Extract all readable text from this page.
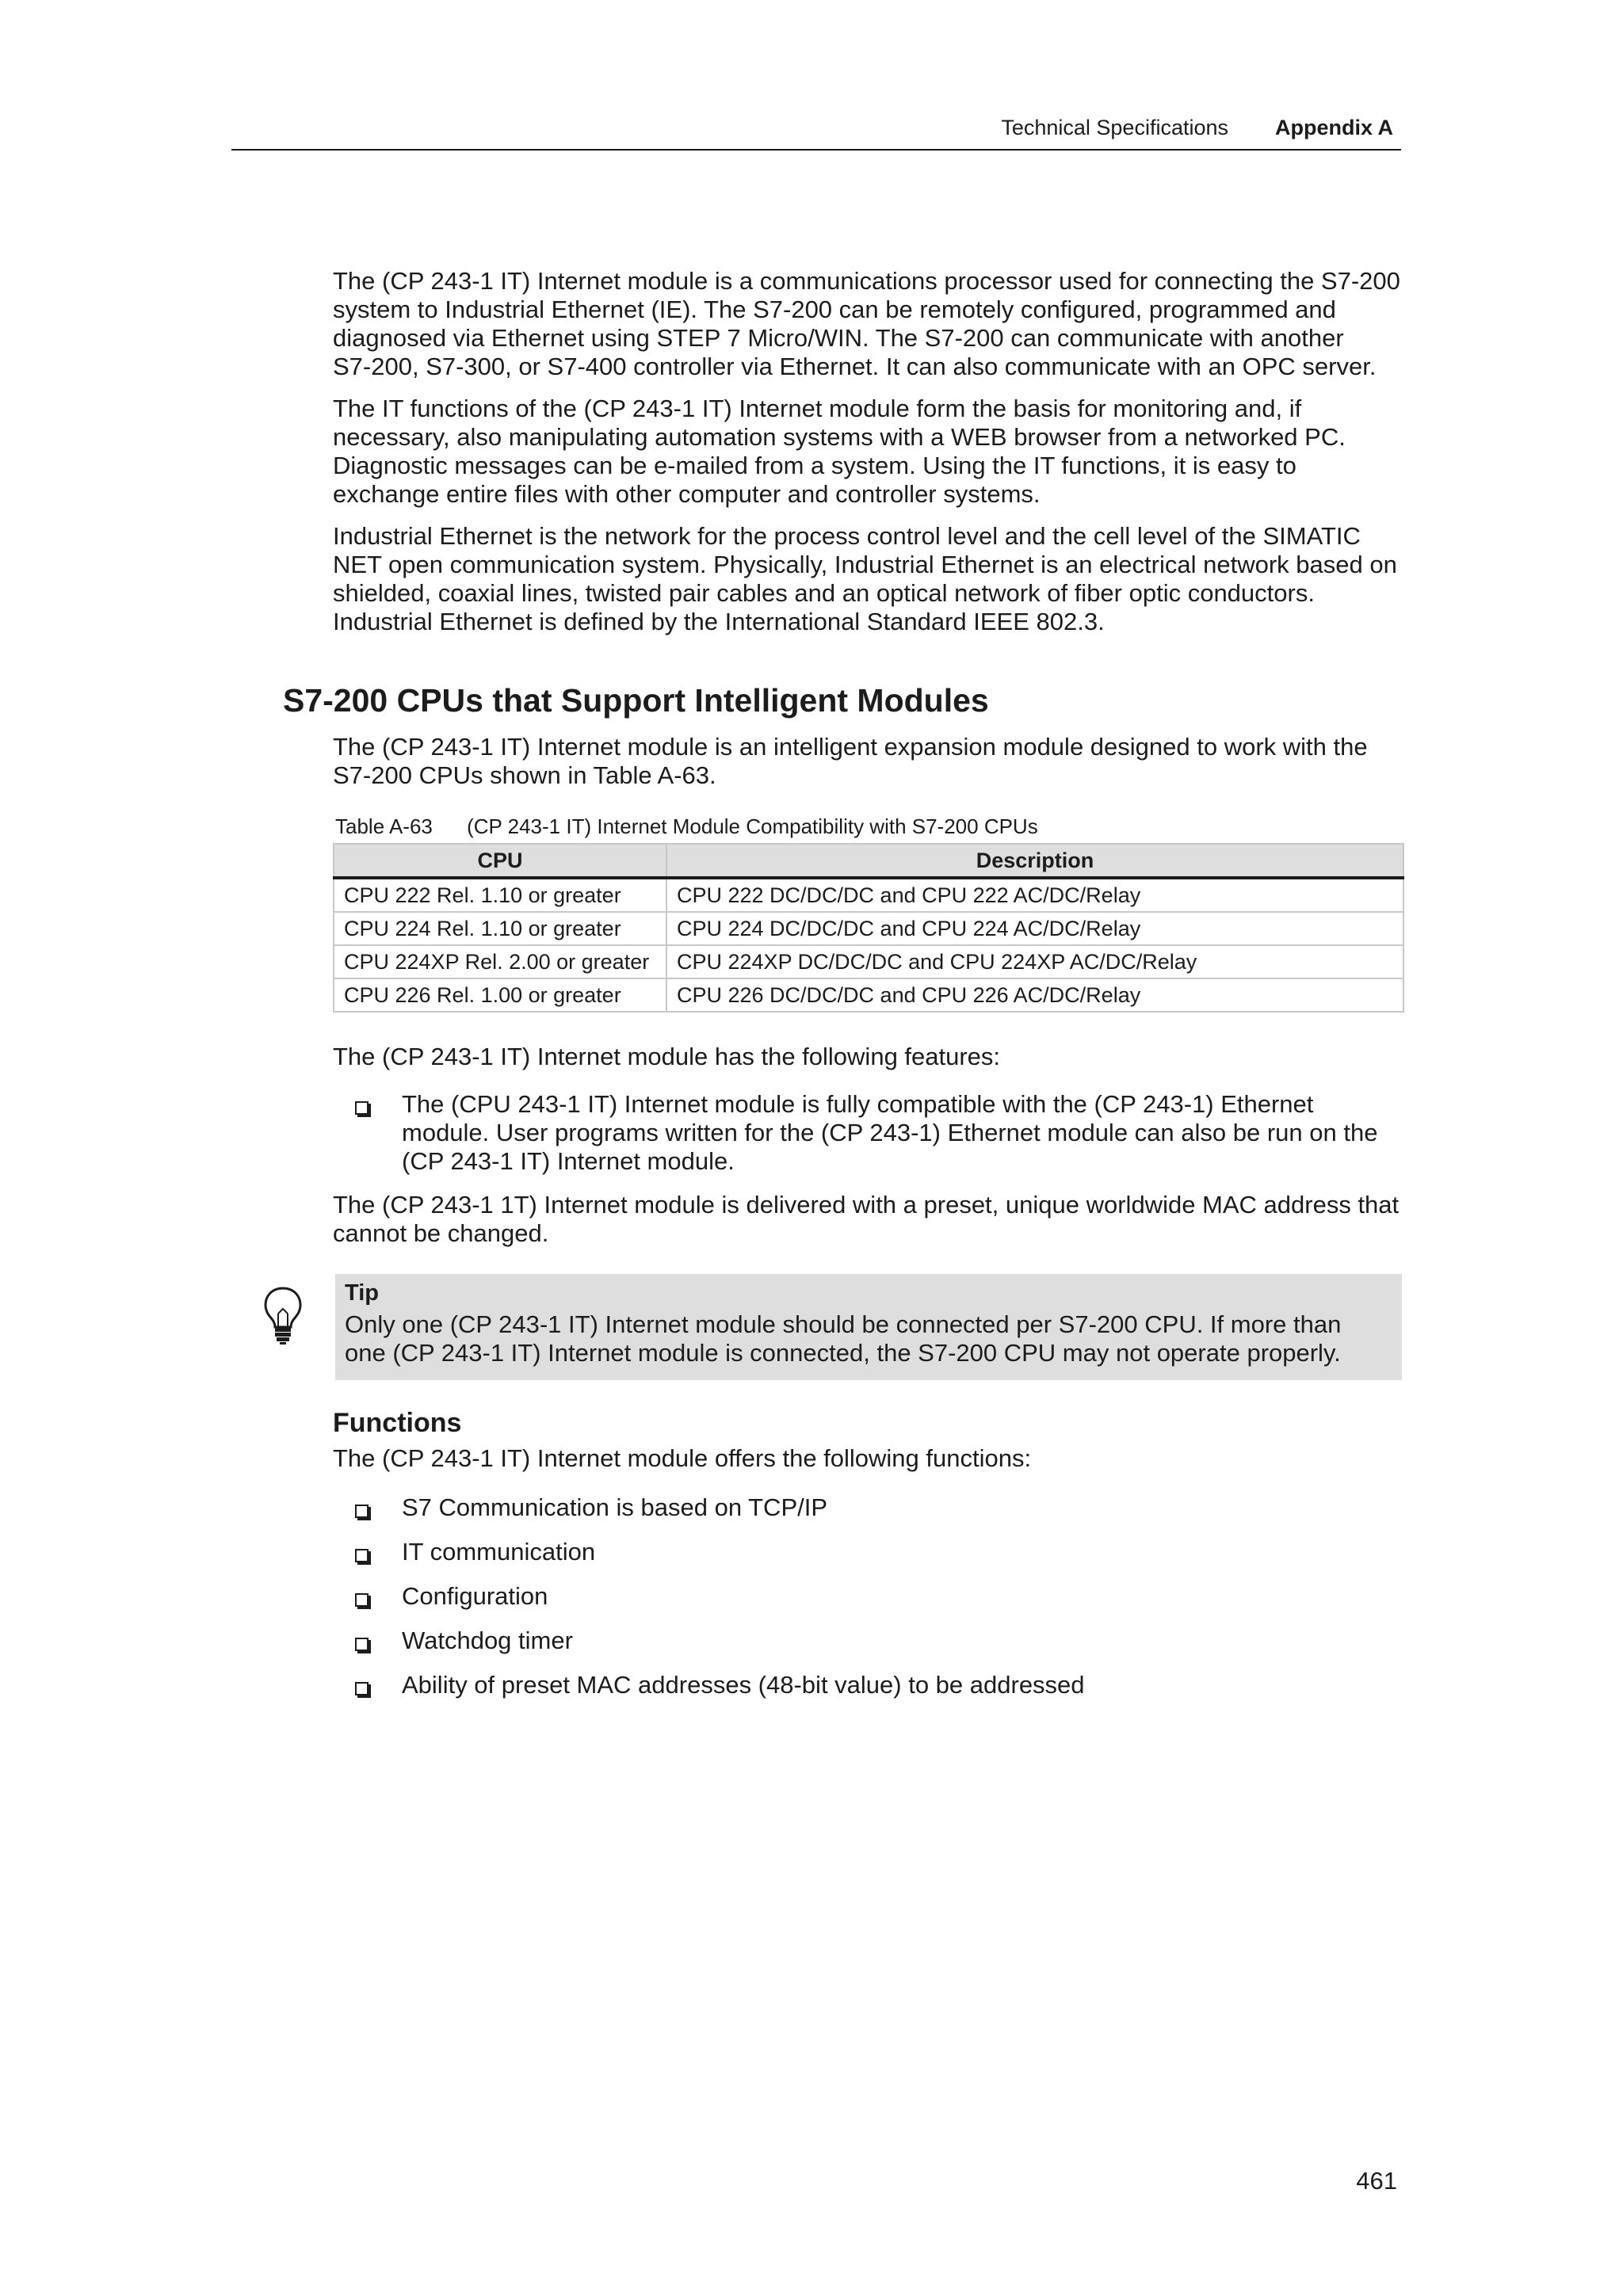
Technical Specifications Appendix A

The (CP 243‑1 IT) Internet module is a communications processor used for connecting the S7-200 system to Industrial Ethernet (IE). The S7-200 can be remotely configured, programmed and diagnosed via Ethernet using STEP 7 Micro/WIN. The S7-200 can communicate with another S7‑200, S7-300, or S7-400 controller via Ethernet. It can also communicate with an OPC server.

The IT functions of the (CP 243‑1 IT) Internet module form the basis for monitoring and, if necessary, also manipulating automation systems with a WEB browser from a networked PC. Diagnostic messages can be e-mailed from a system. Using the IT functions, it is easy to exchange entire files with other computer and controller systems.

Industrial Ethernet is the network for the process control level and the cell level of the SIMATIC NET open communication system. Physically, Industrial Ethernet is an electrical network based on shielded, coaxial lines, twisted pair cables and an optical network of fiber optic conductors. Industrial Ethernet is defined by the International Standard IEEE 802.3.

S7-200 CPUs that Support Intelligent Modules

The (CP 243‑1 IT) Internet module is an intelligent expansion module designed to work with the S7-200 CPUs shown in Table A-63.

Table A-63 (CP 243‑1 IT) Internet Module Compatibility with S7-200 CPUs
CPU	Description
CPU 222 Rel. 1.10 or greater	CPU 222 DC/DC/DC and CPU 222 AC/DC/Relay
CPU 224 Rel. 1.10 or greater	CPU 224 DC/DC/DC and CPU 224 AC/DC/Relay
CPU 224XP Rel. 2.00 or greater	CPU 224XP DC/DC/DC and CPU 224XP AC/DC/Relay
CPU 226 Rel. 1.00 or greater	CPU 226 DC/DC/DC and CPU 226 AC/DC/Relay

The (CP 243‑1 IT) Internet module has the following features:

The (CPU 243‑1 IT) Internet module is fully compatible with the (CP 243‑1) Ethernet module. User programs written for the (CP 243‑1) Ethernet module can also be run on the (CP 243‑1 IT) Internet module.

The (CP 243‑1 1T) Internet module is delivered with a preset, unique worldwide MAC address that cannot be changed.

Tip
Only one (CP 243‑1 IT) Internet module should be connected per S7-200 CPU. If more than one (CP 243‑1 IT) Internet module is connected, the S7-200 CPU may not operate properly.
Functions

The (CP 243‑1 IT) Internet module offers the following functions:

S7 Communication is based on TCP/IP
IT communication
Configuration
Watchdog timer
Ability of preset MAC addresses (48‑bit value) to be addressed
461
